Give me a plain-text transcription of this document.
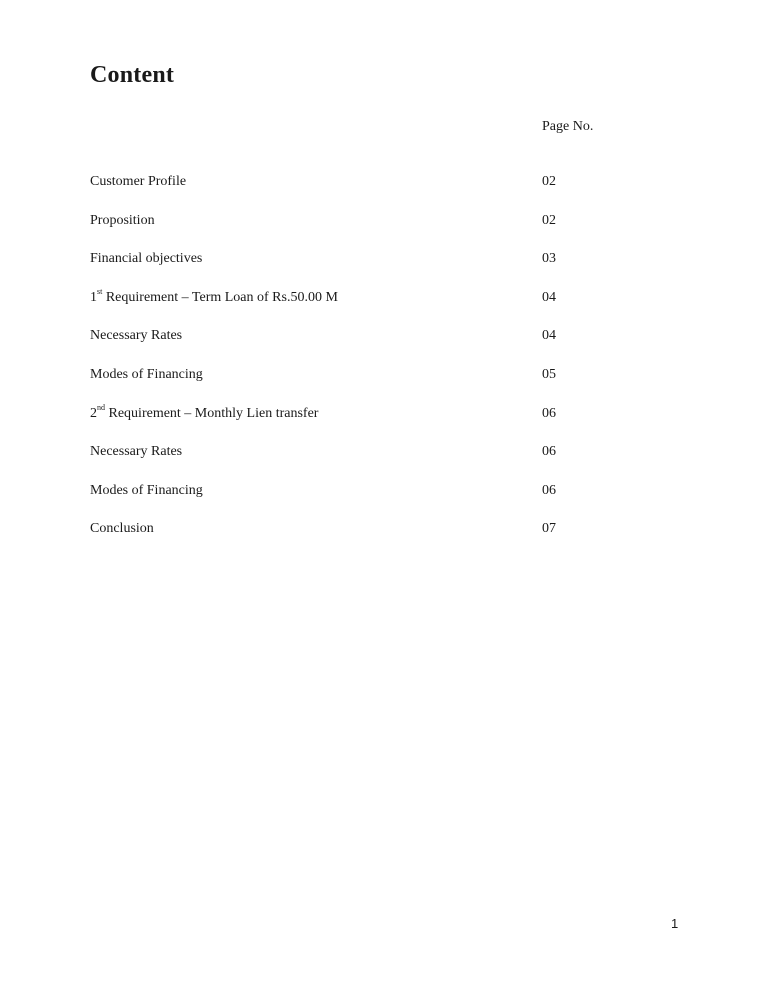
Content
Page No.
Customer Profile	02
Proposition	02
Financial objectives	03
1st Requirement – Term Loan of Rs.50.00 M	04
Necessary Rates	04
Modes of Financing	05
2nd Requirement – Monthly Lien transfer	06
Necessary Rates	06
Modes of Financing	06
Conclusion	07
1
